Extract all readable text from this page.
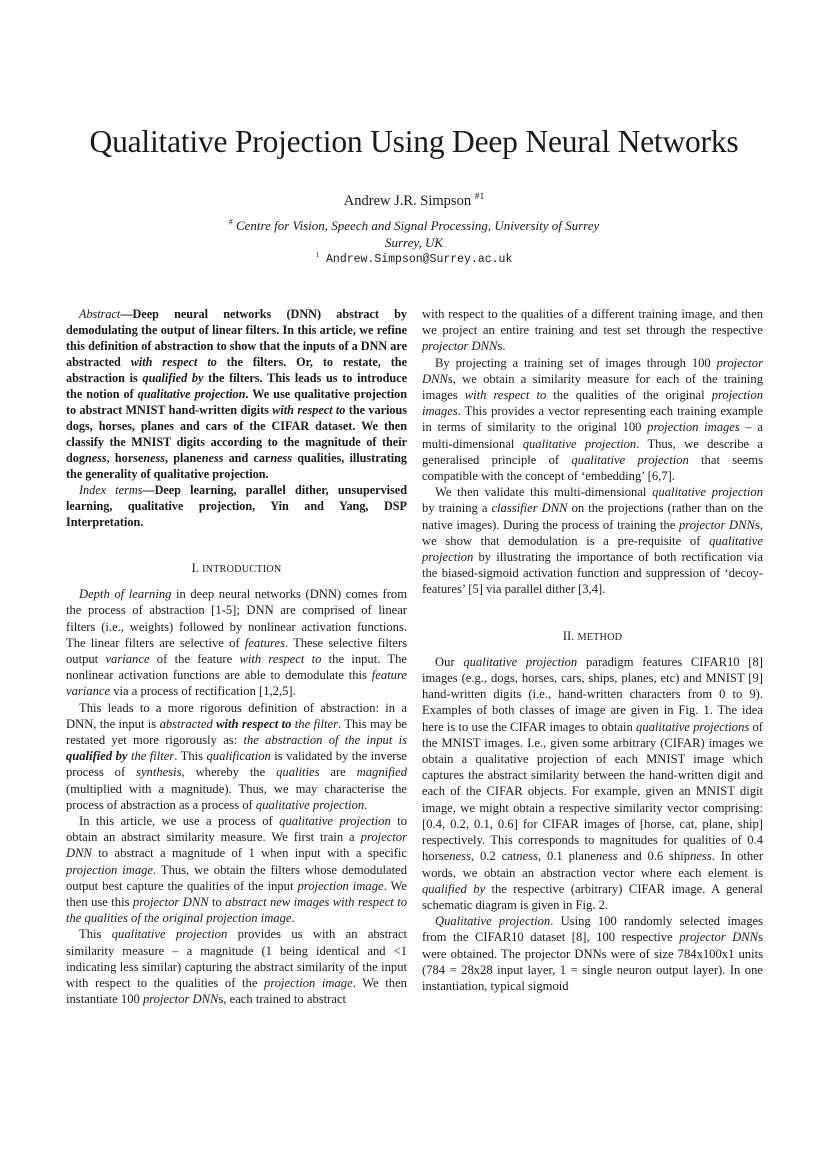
Qualitative Projection Using Deep Neural Networks
Andrew J.R. Simpson $^{\#1}$
# Centre for Vision, Speech and Signal Processing, University of Surrey
Surrey, UK
$^1$ Andrew.Simpson@Surrey.ac.uk

Abstract—Deep neural networks (DNN) abstract by demodulating the output of linear filters. In this article, we refine this definition of abstraction to show that the inputs of a DNN are abstracted with respect to the filters. Or, to restate, the abstraction is qualified by the filters. This leads us to introduce the notion of qualitative projection. We use qualitative projection to abstract MNIST hand-written digits with respect to the various dogs, horses, planes and cars of the CIFAR dataset. We then classify the MNIST digits according to the magnitude of their dogness, horseness, planeness and carness qualities, illustrating the generality of qualitative projection.

Index terms—Deep learning, parallel dither, unsupervised learning, qualitative projection, Yin and Yang, DSP Interpretation.

I. INTRODUCTION

Depth of learning in deep neural networks (DNN) comes from the process of abstraction [1-5]; DNN are comprised of linear filters (i.e., weights) followed by nonlinear activation functions. The linear filters are selective of features. These selective filters output variance of the feature with respect to the input. The nonlinear activation functions are able to demodulate this feature variance via a process of rectification [1,2,5].

This leads to a more rigorous definition of abstraction: in a DNN, the input is abstracted with respect to the filter. This may be restated yet more rigorously as: the abstraction of the input is qualified by the filter. This qualification is validated by the inverse process of synthesis, whereby the qualities are magnified (multiplied with a magnitude). Thus, we may characterise the process of abstraction as a process of qualitative projection.

In this article, we use a process of qualitative projection to obtain an abstract similarity measure. We first train a projector DNN to abstract a magnitude of 1 when input with a specific projection image. Thus, we obtain the filters whose demodulated output best capture the qualities of the input projection image. We then use this projector DNN to abstract new images with respect to the qualities of the original projection image.

This qualitative projection provides us with an abstract similarity measure – a magnitude (1 being identical and <1 indicating less similar) capturing the abstract similarity of the input with respect to the qualities of the projection image. We then instantiate 100 projector DNNs, each trained to abstract

with respect to the qualities of a different training image, and then we project an entire training and test set through the respective projector DNNs.

By projecting a training set of images through 100 projector DNNs, we obtain a similarity measure for each of the training images with respect to the qualities of the original projection images. This provides a vector representing each training example in terms of similarity to the original 100 projection images – a multi-dimensional qualitative projection. Thus, we describe a generalised principle of qualitative projection that seems compatible with the concept of ‘embedding’ [6,7].

We then validate this multi-dimensional qualitative projection by training a classifier DNN on the projections (rather than on the native images). During the process of training the projector DNNs, we show that demodulation is a pre-requisite of qualitative projection by illustrating the importance of both rectification via the biased-sigmoid activation function and suppression of ‘decoy-features’ [5] via parallel dither [3,4].

II. METHOD

Our qualitative projection paradigm features CIFAR10 [8] images (e.g., dogs, horses, cars, ships, planes, etc) and MNIST [9] hand-written digits (i.e., hand-written characters from 0 to 9). Examples of both classes of image are given in Fig. 1. The idea here is to use the CIFAR images to obtain qualitative projections of the MNIST images. I.e., given some arbitrary (CIFAR) images we obtain a qualitative projection of each MNIST image which captures the abstract similarity between the hand-written digit and each of the CIFAR objects. For example, given an MNIST digit image, we might obtain a respective similarity vector comprising: [0.4, 0.2, 0.1, 0.6] for CIFAR images of [horse, cat, plane, ship] respectively. This corresponds to magnitudes for qualities of 0.4 horseness, 0.2 catness, 0.1 planeness and 0.6 shipness. In other words, we obtain an abstraction vector where each element is qualified by the respective (arbitrary) CIFAR image. A general schematic diagram is given in Fig. 2.

Qualitative projection. Using 100 randomly selected images from the CIFAR10 dataset [8], 100 respective projector DNNs were obtained. The projector DNNs were of size 784x100x1 units (784 = 28x28 input layer, 1 = single neuron output layer). In one instantiation, typical sigmoid
